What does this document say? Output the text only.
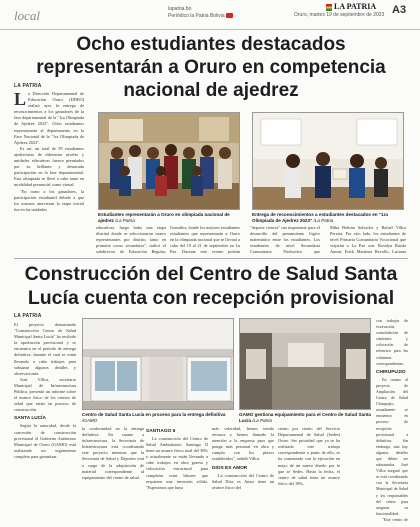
local	lapatria.bo
Periódico la Patria Bolivia	Oruro, martes 19 de septiembre de 2023
LA PATRIA A3
Ocho estudiantes destacados representarán a Oruro en competencia nacional de ajedrez
LA PATRIA
L a Dirección Departamental de Educación Oruro (DDEO) realizó ayer la entrega de reconocimientos a los ganadores de la fase departamental de la "1ra Olimpiada de Ajedrez 2023". Ocho estudiantes representarán al departamento en la Fase Nacional de la "1ra Olimpiada de Ajedrez 2023".

Es así, un total de 59 estudiantes ajedrecistas de diferentes niveles y unidades educativas fueron premiados por su brillante y destacada participación en la fase departamental. Esta olimpiada se llevó a cabo tanto en modalidad presencial como virtual.

"En torno a los ganadores, la participación estudiantil debido a que los mismos atraviesan la etapa inicial fue en las unidades

Estudiantes representarán a Oruro en olimpiada nacional de ajedrez /La Patria
Entrega de reconocimientos a estudiantes destacados en "1ra Olimpiada de Ajedrez 2023" /La Patria

educativas, luego hubo una etapa distrital donde se seleccionaron cuatro representantes por distrito, tanto en primaria como secundaria", indicó el subdirector de Educación Regular,

González, donde los mejores estudiantes estudiantes que representarán a Oruro en la olimpiada nacional que se llevará a cabo del 19 al 21 de septiembre en La Paz. Durante este evento podrán

"deporte ciencia" tan importante para el desarrollo del pensamiento lógico matemático entre los estudiantes. Los estudiantes de nivel Secundaria Comunitaria Productiva que

Mika Beltrán Salvador y Rafael Villca Pereira. Por otro lado, los estudiantes de nivel Primaria Comunitaria Vocacional que viajarán a La Paz son: Rosalyn Rueda Amurí, Erick Martínez Revollo, Luciana

Construcción del Centro de Salud Santa Lucía cuenta con recepción provisional
LA PATRIA

El proyecto denominado "Construcción Centro de Salud Municipal Santa Lucía" ha recibido la aprobación provisional y se encuentra en el periodo de entrega definitiva, durante el cual se están llevando a cabo trabajos para subsanar algunos detalles y observaciones.

José Villca, secretario Municipal de Infraestructura Pública, presentó un informe sobre el avance físico de los centros de salud que están en proceso de construcción.

SANTA LUCÍA

Según la autoridad, desde la concesión de construcción provisional el Gobierno Autónomo Municipal de Oruro (GAMO) está realizando un seguimiento completo para garantizar

Centro de Salud Santa Lucía en proceso para la entrega definitiva /GAMO
GAMO gestiona equipamiento para el Centro de Salud Santa Lucía /La Patria

la conformidad en la entrega definitiva. En cuanto a infraestructura, la Secretaría de Infraestructura está coordinando este proyecto mientras que la Secretaría de Salud y Deportes está a cargo de la adquisición de material correspondiente al equipamiento del centro de salud.

SANTIAGO II

La construcción del Centro de Salud Ambulatorio Santiago II tiene un avance físico total del 30% y actualmente se están llevando a cabo trabajos en obra gruesa y colocación estructural para completar estas labores que requieren una inversión sólida. "Esperamos que haya

más celeridad, hemos tenido retrasos y hemos llamado la atención a la empresa para que ponga más personal en obra y cumpla con los plazos establecidos", señaló Villca.

DIOS ES AMOR

La construcción del Centro de Salud Dios es Amor tiene un avance físico del

ciento por ciento del Servicio Departamental de Salud (Sedes) Oruro. Ser prioridad que ya se ha realizado este trabajo correspondiente a partir de ello, se ha comenzado con la ejecución en mayo de un nuevo diseño por lo que se Sedes. Hasta la fecha, el centro de salud tiene un avance físico del 18%,

con trabajos de excavación, consolidación de cimientos y colocación de refuerzos para las columnas correspondientes.

CHIRUPUJIO

En cuanto al proyecto de Ampliación del Centro de Salud Chirupujio, actualmente se encuentra en proceso de recepción provisional a definitiva. Sin embargo, aún hay algunos detalles que deben ser subsanados. José Villca aseguró que se está coordinando con la Secretaría Municipal de Salud y los responsables del centro para asegurar su funcionalidad.

"Este centro de
